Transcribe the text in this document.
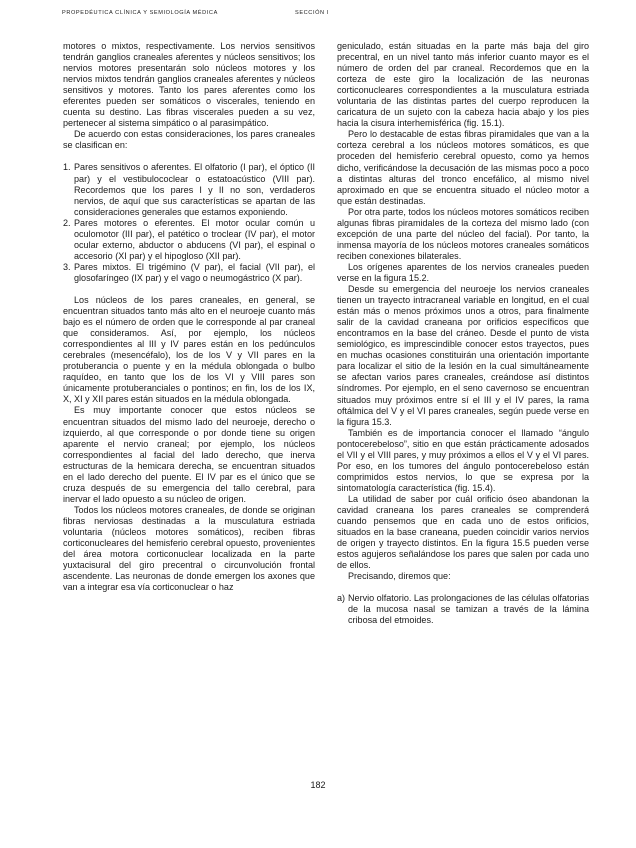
PROPEDÉUTICA CLÍNICA Y SEMIOLOGÍA MÉDICA	SECCIÓN I

motores o mixtos, respectivamente. Los nervios sensitivos tendrán ganglios craneales aferentes y núcleos sensitivos; los nervios motores presentarán solo núcleos motores y los nervios mixtos tendrán ganglios craneales aferentes y núcleos sensitivos y motores. Tanto los pares aferentes como los eferentes pueden ser somáticos o viscerales, teniendo en cuenta su destino. Las fibras viscerales pueden a su vez, pertenecer al sistema simpático o al parasimpático.

De acuerdo con estas consideraciones, los pares craneales se clasifican en:

1. Pares sensitivos o aferentes. El olfatorio (I par), el óptico (II par) y el vestibulococlear o estatoacústico (VIII par). Recordemos que los pares I y II no son, verdaderos nervios, de aquí que sus características se apartan de las consideraciones generales que estamos exponiendo.
2. Pares motores o eferentes. El motor ocular común u oculomotor (III par), el patético o troclear (IV par), el motor ocular externo, abductor o abducens (VI par), el espinal o accesorio (XI par) y el hipogloso (XII par).
3. Pares mixtos. El trigémino (V par), el facial (VII par), el glosofaríngeo (IX par) y el vago o neumogástrico (X par).

Los núcleos de los pares craneales, en general, se encuentran situados tanto más alto en el neuroeje cuanto más bajo es el número de orden que le corresponde al par craneal que consideramos. Así, por ejemplo, los núcleos correspondientes al III y IV pares están en los pedúnculos cerebrales (mesencéfalo), los de los V y VII pares en la protuberancia o puente y en la médula oblongada o bulbo raquídeo, en tanto que los de los VI y VIII pares son únicamente protuberanciales o pontinos; en fin, los de los IX, X, XI y XII pares están situados en la médula oblongada.

Es muy importante conocer que estos núcleos se encuentran situados del mismo lado del neuroeje, derecho o izquierdo, al que corresponde o por donde tiene su origen aparente el nervio craneal; por ejemplo, los núcleos correspondientes al facial del lado derecho, que inerva estructuras de la hemicara derecha, se encuentran situados en el lado derecho del puente. El IV par es el único que se cruza después de su emergencia del tallo cerebral, para inervar el lado opuesto a su núcleo de origen.

Todos los núcleos motores craneales, de donde se originan fibras nerviosas destinadas a la musculatura estriada voluntaria (núcleos motores somáticos), reciben fibras corticonucleares del hemisferio cerebral opuesto, provenientes del área motora corticonuclear localizada en la parte yuxtacisural del giro precentral o circunvolución frontal ascendente. Las neuronas de donde emergen los axones que van a integrar esa vía corticonuclear o haz

geniculado, están situadas en la parte más baja del giro precentral, en un nivel tanto más inferior cuanto mayor es el número de orden del par craneal. Recordemos que en la corteza de este giro la localización de las neuronas corticonucleares correspondientes a la musculatura estriada voluntaria de las distintas partes del cuerpo reproducen la caricatura de un sujeto con la cabeza hacia abajo y los pies hacia la cisura interhemisférica (fig. 15.1).

Pero lo destacable de estas fibras piramidales que van a la corteza cerebral a los núcleos motores somáticos, es que proceden del hemisferio cerebral opuesto, como ya hemos dicho, verificándose la decusación de las mismas poco a poco a distintas alturas del tronco encefálico, al mismo nivel aproximado en que se encuentra situado el núcleo motor a que están destinadas.

Por otra parte, todos los núcleos motores somáticos reciben algunas fibras piramidales de la corteza del mismo lado (con excepción de una parte del núcleo del facial). Por tanto, la inmensa mayoría de los núcleos motores craneales somáticos reciben conexiones bilaterales.

Los orígenes aparentes de los nervios craneales pueden verse en la figura 15.2.

Desde su emergencia del neuroeje los nervios craneales tienen un trayecto intracraneal variable en longitud, en el cual están más o menos próximos unos a otros, para finalmente salir de la cavidad craneana por orificios específicos que encontramos en la base del cráneo. Desde el punto de vista semiológico, es imprescindible conocer estos trayectos, pues en muchas ocasiones constituirán una orientación importante para localizar el sitio de la lesión en la cual simultáneamente se afectan varios pares craneales, creándose así distintos síndromes. Por ejemplo, en el seno cavernoso se encuentran situados muy próximos entre sí el III y el IV pares, la rama oftálmica del V y el VI pares craneales, según puede verse en la figura 15.3.

También es de importancia conocer el llamado “ángulo pontocerebeloso”, sitio en que están prácticamente adosados el VII y el VIII pares, y muy próximos a ellos el V y el VI pares. Por eso, en los tumores del ángulo pontocerebeloso están comprimidos estos nervios, lo que se expresa por la sintomatología característica (fig. 15.4).

La utilidad de saber por cuál orificio óseo abandonan la cavidad craneana los pares craneales se comprenderá cuando pensemos que en cada uno de estos orificios, situados en la base craneana, pueden coincidir varios nervios de origen y trayecto distintos. En la figura 15.5 pueden verse estos agujeros señalándose los pares que salen por cada uno de ellos.

Precisando, diremos que:

a) Nervio olfatorio. Las prolongaciones de las células olfatorias de la mucosa nasal se tamizan a través de la lámina cribosa del etmoides.
182
